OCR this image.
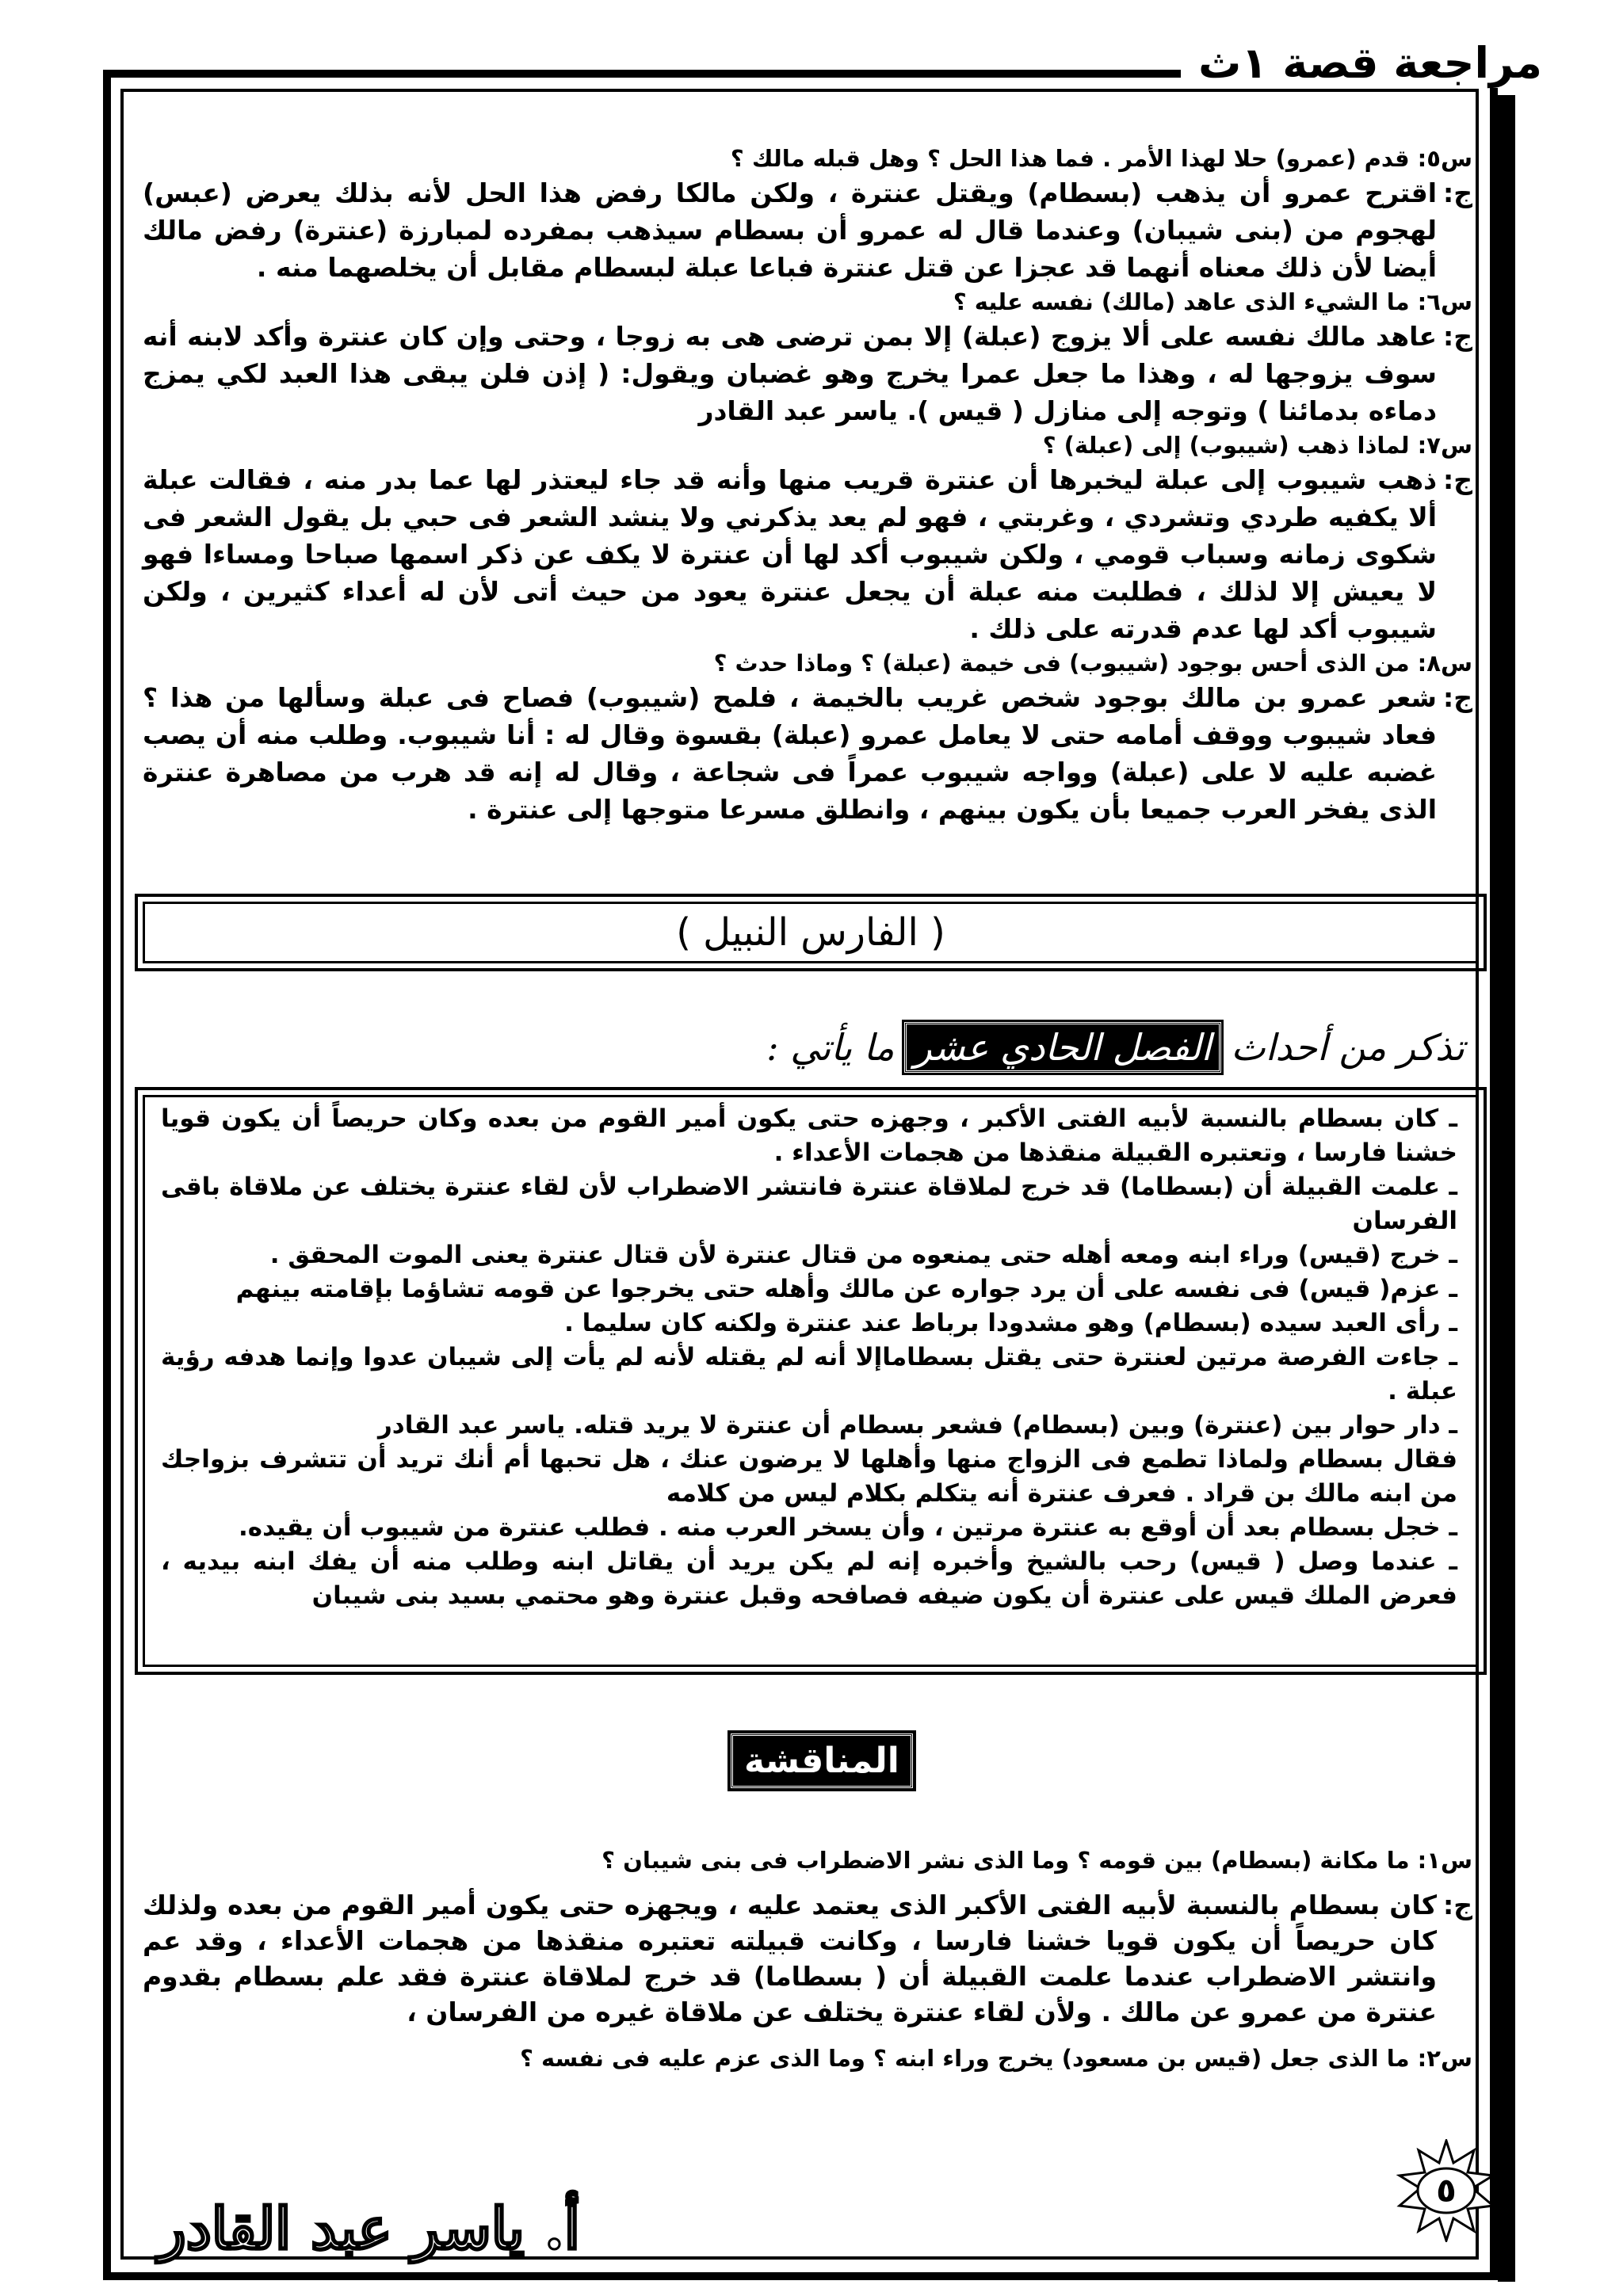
مراجعة قصة ١ث

س٥: قدم (عمرو) حلا لهذا الأمر . فما هذا الحل ؟ وهل قبله مالك ؟

ج:
اقترح عمرو أن يذهب (بسطام) ويقتل عنترة ، ولكن مالكا رفض هذا الحل لأنه بذلك يعرض (عبس) لهجوم من (بنى شيبان) وعندما قال له عمرو أن بسطام سيذهب بمفرده لمبارزة (عنترة) رفض مالك أيضا لأن ذلك معناه أنهما قد عجزا عن قتل عنترة فباعا عبلة لبسطام مقابل أن يخلصهما منه .

س٦: ما الشيء الذى عاهد (مالك) نفسه عليه ؟

ج:
عاهد مالك نفسه على ألا يزوج (عبلة) إلا بمن ترضى هى به زوجا ، وحتى وإن كان عنترة وأكد لابنه أنه سوف يزوجها له ، وهذا ما جعل عمرا يخرج وهو غضبان ويقول: ( إذن فلن يبقى هذا العبد لكي يمزج دماءه بدمائنا ) وتوجه إلى منازل ( قيس ). ياسر عبد القادر

س٧: لماذا ذهب (شيبوب) إلى (عبلة) ؟

ج:
ذهب شيبوب إلى عبلة ليخبرها أن عنترة قريب منها وأنه قد جاء ليعتذر لها عما بدر منه ، فقالت عبلة ألا يكفيه طردي وتشردي ، وغربتي ، فهو لم يعد يذكرني ولا ينشد الشعر فى حبي بل يقول الشعر فى شكوى زمانه وسباب قومي ، ولكن شيبوب أكد لها أن عنترة لا يكف عن ذكر اسمها صباحا ومساءا فهو لا يعيش إلا لذلك ، فطلبت منه عبلة أن يجعل عنترة يعود من حيث أتى لأن له أعداء كثيرين ، ولكن شيبوب أكد لها عدم قدرته على ذلك .

س٨: من الذى أحس بوجود (شيبوب) فى خيمة (عبلة) ؟ وماذا حدث ؟

ج:
شعر عمرو بن مالك بوجود شخص غريب بالخيمة ، فلمح (شيبوب) فصاح فى عبلة وسألها من هذا ؟ فعاد شيبوب ووقف أمامه حتى لا يعامل عمرو (عبلة) بقسوة وقال له : أنا شيبوب. وطلب منه أن يصب غضبه عليه لا على (عبلة) وواجه شيبوب عمراً فى شجاعة ، وقال له إنه قد هرب من مصاهرة عنترة الذى يفخر العرب جميعا بأن يكون بينهم ، وانطلق مسرعا متوجها إلى عنترة .
( الفارس النبيل )
تذكر من أحداث
الفصل الحادي عشر
ما يأتي :

ـ كان بسطام بالنسبة لأبيه الفتى الأكبر ، وجهزه حتى يكون أمير القوم من بعده وكان حريصاً أن يكون قويا خشنا فارسا ، وتعتبره القبيلة منقذها من هجمات الأعداء .

ـ علمت القبيلة أن (بسطاما) قد خرج لملاقاة عنترة فانتشر الاضطراب لأن لقاء عنترة يختلف عن ملاقاة باقى الفرسان

ـ خرج (قيس) وراء ابنه ومعه أهله حتى يمنعوه من قتال عنترة لأن قتال عنترة يعنى الموت المحقق .

ـ عزم( قيس) فى نفسه على أن يرد جواره عن مالك وأهله حتى يخرجوا عن قومه تشاؤما بإقامته بينهم

ـ رأى العبد سيده (بسطام) وهو مشدودا برباط عند عنترة ولكنه كان سليما .

ـ جاءت الفرصة مرتين لعنترة حتى يقتل بسطاماإلا أنه لم يقتله لأنه لم يأت إلى شيبان عدوا وإنما هدفه رؤية عبلة .

ـ دار حوار بين (عنترة) وبين (بسطام) فشعر بسطام أن عنترة لا يريد قتله. ياسر عبد القادر

فقال بسطام ولماذا تطمع فى الزواج منها وأهلها لا يرضون عنك ، هل تحبها أم أنك تريد أن تتشرف بزواجك من ابنه مالك بن قراد . فعرف عنترة أنه يتكلم بكلام ليس من كلامه

ـ خجل بسطام بعد أن أوقع به عنترة مرتين ، وأن يسخر العرب منه . فطلب عنترة من شيبوب أن يقيده.

ـ عندما وصل ( قيس) رحب بالشيخ وأخبره إنه لم يكن يريد أن يقاتل ابنه وطلب منه أن يفك ابنه بيديه ، فعرض الملك قيس على عنترة أن يكون ضيفه فصافحه وقبل عنترة وهو محتمي بسيد بنى شيبان

المناقشة

س١: ما مكانة (بسطام) بين قومه ؟ وما الذى نشر الاضطراب فى بنى شيبان ؟

ج:
كان بسطام بالنسبة لأبيه الفتى الأكبر الذى يعتمد عليه ، ويجهزه حتى يكون أمير القوم من بعده ولذلك كان حريصاً أن يكون قويا خشنا فارسا ، وكانت قبيلته تعتبره منقذها من هجمات الأعداء ، وقد عم وانتشر الاضطراب عندما علمت القبيلة أن ( بسطاما) قد خرج لملاقاة عنترة فقد علم بسطام بقدوم عنترة من عمرو عن مالك . ولأن لقاء عنترة يختلف عن ملاقاة غيره من الفرسان ،

س٢: ما الذى جعل (قيس بن مسعود) يخرج وراء ابنه ؟ وما الذى عزم عليه فى نفسه ؟

أ. ياسر عبد القادر
٥
